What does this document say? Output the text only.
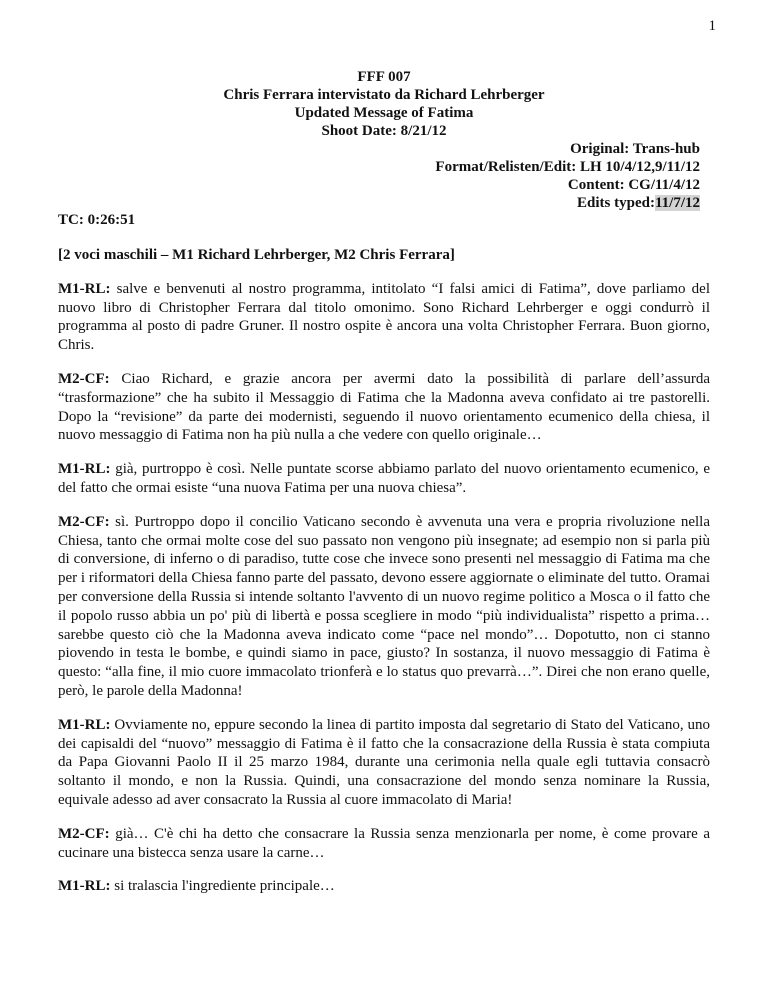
1
FFF 007
Chris Ferrara intervistato da Richard Lehrberger
Updated Message of Fatima
Shoot Date: 8/21/12
Original: Trans-hub
Format/Relisten/Edit: LH 10/4/12,9/11/12
Content: CG/11/4/12
Edits typed:11/7/12
TC: 0:26:51

[2 voci maschili – M1 Richard Lehrberger, M2 Chris Ferrara]

M1-RL: salve e benvenuti al nostro programma, intitolato “I falsi amici di Fatima”, dove parliamo del nuovo libro di Christopher Ferrara dal titolo omonimo. Sono Richard Lehrberger e oggi condurrò il programma al posto di padre Gruner. Il nostro ospite è ancora una volta Christopher Ferrara. Buon giorno, Chris.

M2-CF: Ciao Richard, e grazie ancora per avermi dato la possibilità di parlare dell’assurda “trasformazione” che ha subito il Messaggio di Fatima che la Madonna aveva confidato ai tre pastorelli. Dopo la “revisione” da parte dei modernisti, seguendo il nuovo orientamento ecumenico della chiesa, il nuovo messaggio di Fatima non ha più nulla a che vedere con quello originale…

M1-RL: già, purtroppo è così. Nelle puntate scorse abbiamo parlato del nuovo orientamento ecumenico, e del fatto che ormai esiste “una nuova Fatima per una nuova chiesa”.

M2-CF: sì. Purtroppo dopo il concilio Vaticano secondo è avvenuta una vera e propria rivoluzione nella Chiesa, tanto che ormai molte cose del suo passato non vengono più insegnate; ad esempio non si parla più di conversione, di inferno o di paradiso, tutte cose che invece sono presenti nel messaggio di Fatima ma che per i riformatori della Chiesa fanno parte del passato, devono essere aggiornate o eliminate del tutto. Oramai per conversione della Russia si intende soltanto l'avvento di un nuovo regime politico a Mosca o il fatto che il popolo russo abbia un po' più di libertà e possa scegliere in modo “più individualista” rispetto a prima… sarebbe questo ciò che la Madonna aveva indicato come “pace nel mondo”… Dopotutto, non ci stanno piovendo in testa le bombe, e quindi siamo in pace, giusto? In sostanza, il nuovo messaggio di Fatima è questo: “alla fine, il mio cuore immacolato trionferà e lo status quo prevarrà…”. Direi che non erano quelle, però, le parole della Madonna!

M1-RL: Ovviamente no, eppure secondo la linea di partito imposta dal segretario di Stato del Vaticano, uno dei capisaldi del “nuovo” messaggio di Fatima è il fatto che la consacrazione della Russia è stata compiuta da Papa Giovanni Paolo II il 25 marzo 1984, durante una cerimonia nella quale egli tuttavia consacrò soltanto il mondo, e non la Russia. Quindi, una consacrazione del mondo senza nominare la Russia, equivale adesso ad aver consacrato la Russia al cuore immacolato di Maria!

M2-CF: già… C'è chi ha detto che consacrare la Russia senza menzionarla per nome, è come provare a cucinare una bistecca senza usare la carne…

M1-RL: si tralascia l'ingrediente principale…
